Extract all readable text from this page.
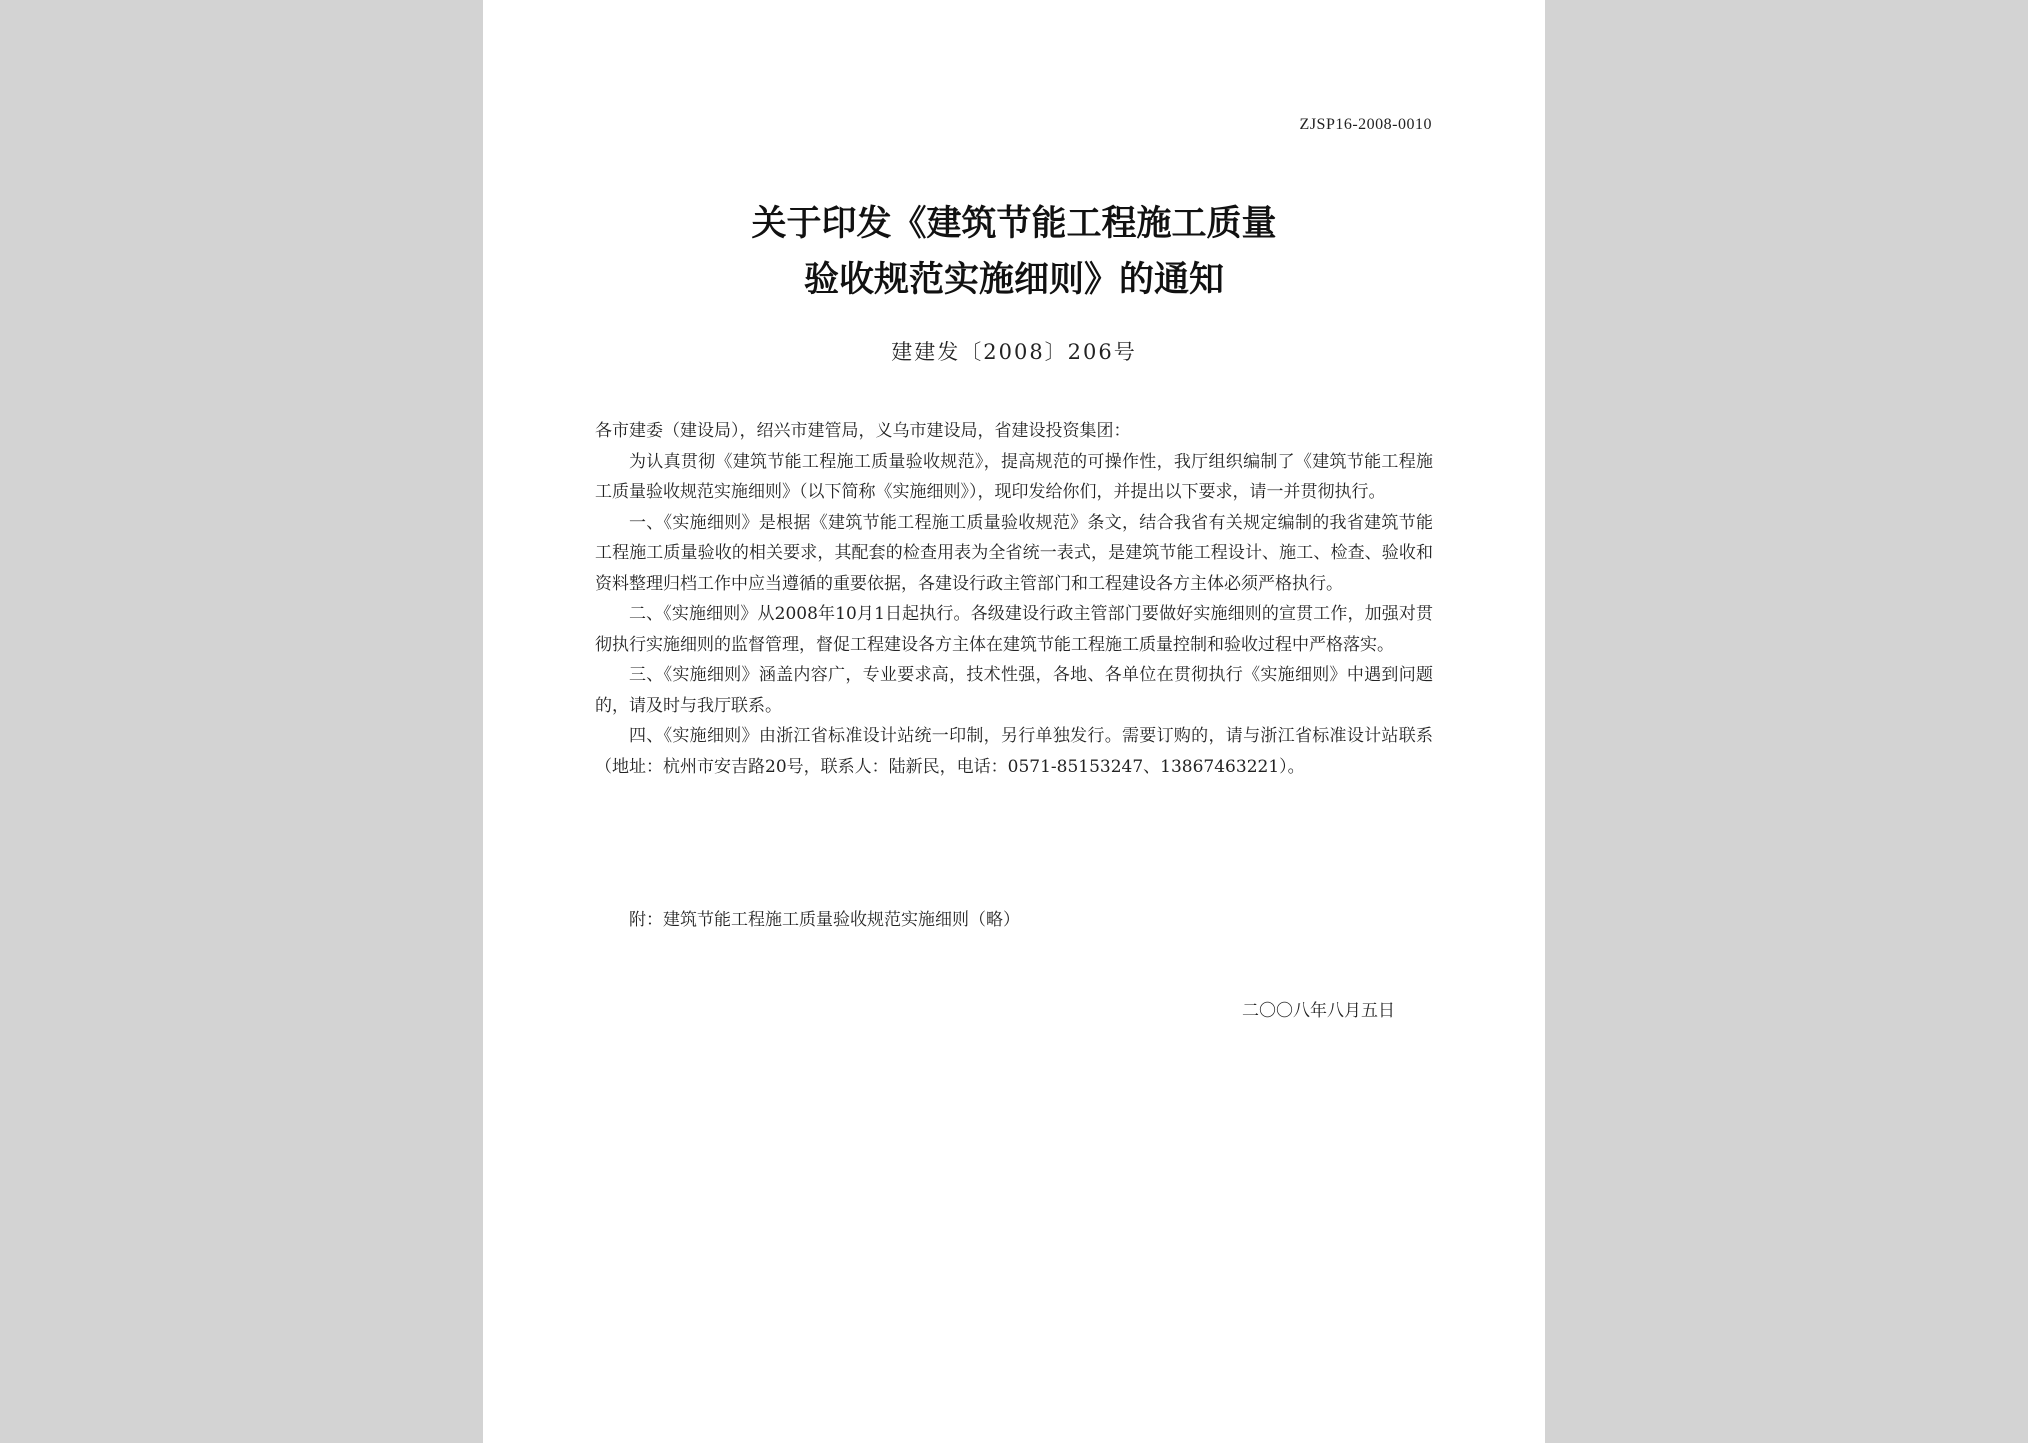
ZJSP16-2008-0010
关于印发《建筑节能工程施工质量
验收规范实施细则》的通知
建建发〔2008〕206号

各市建委（建设局），绍兴市建管局，义乌市建设局，省建设投资集团：

为认真贯彻《建筑节能工程施工质量验收规范》，提高规范的可操作性，我厅组织编制了《建筑节能工程施工质量验收规范实施细则》（以下简称《实施细则》），现印发给你们，并提出以下要求，请一并贯彻执行。

一、《实施细则》是根据《建筑节能工程施工质量验收规范》条文，结合我省有关规定编制的我省建筑节能工程施工质量验收的相关要求，其配套的检查用表为全省统一表式，是建筑节能工程设计、施工、检查、验收和资料整理归档工作中应当遵循的重要依据，各建设行政主管部门和工程建设各方主体必须严格执行。

二、《实施细则》从2008年10月1日起执行。各级建设行政主管部门要做好实施细则的宣贯工作，加强对贯彻执行实施细则的监督管理，督促工程建设各方主体在建筑节能工程施工质量控制和验收过程中严格落实。

三、《实施细则》涵盖内容广，专业要求高，技术性强，各地、各单位在贯彻执行《实施细则》中遇到问题的，请及时与我厅联系。

四、《实施细则》由浙江省标准设计站统一印制，另行单独发行。需要订购的，请与浙江省标准设计站联系（地址：杭州市安吉路20号，联系人：陆新民，电话：0571-85153247、13867463221）。

附：建筑节能工程施工质量验收规范实施细则（略）
二〇〇八年八月五日
